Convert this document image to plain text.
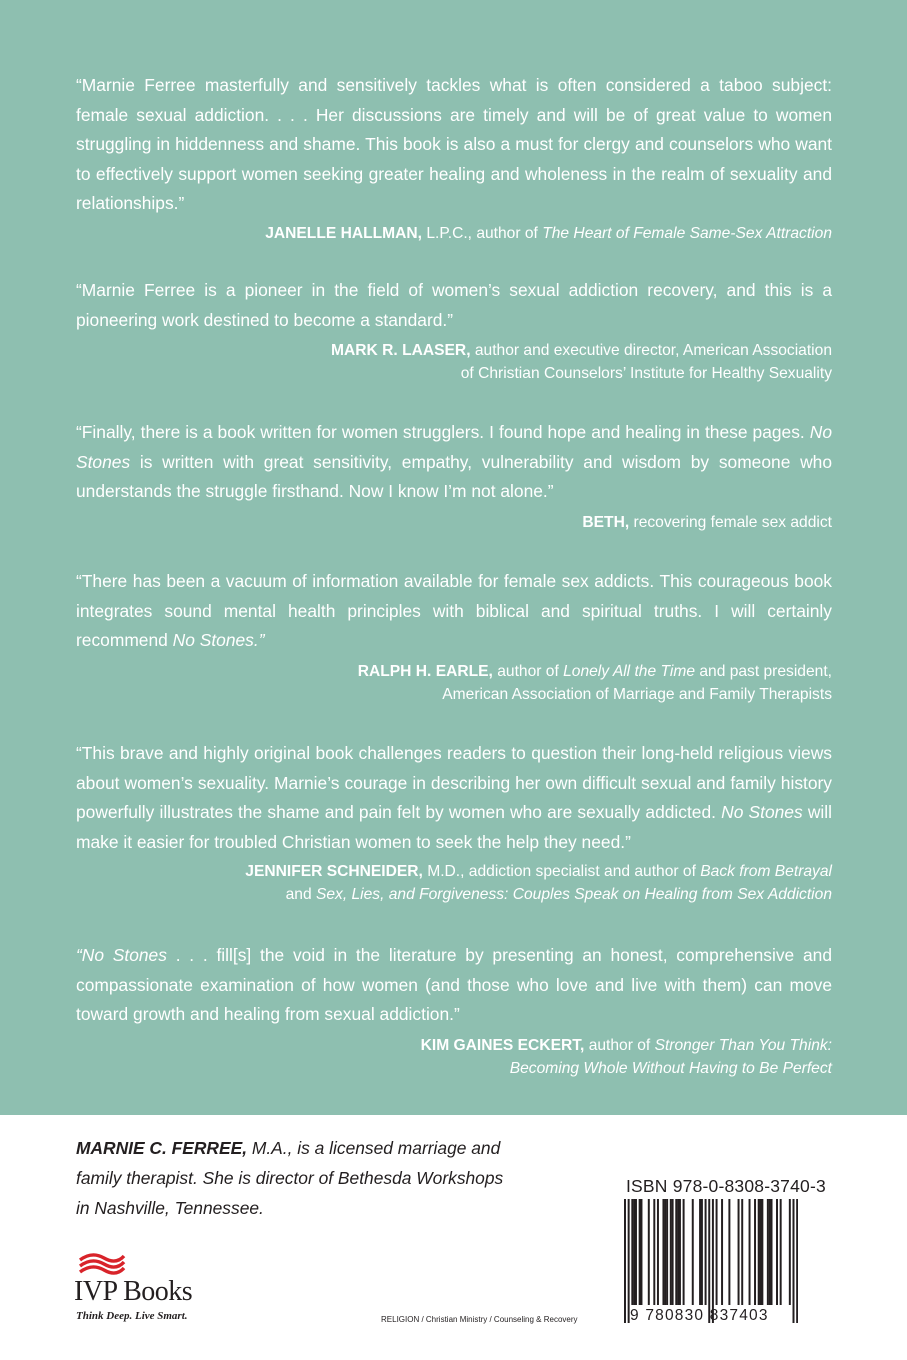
“Marnie Ferree masterfully and sensitively tackles what is often considered a taboo subject: female sexual addiction. . . . Her discussions are timely and will be of great value to women struggling in hiddenness and shame. This book is also a must for clergy and counselors who want to effectively support women seeking greater healing and wholeness in the realm of sexuality and relationships.”

JANELLE HALLMAN, L.P.C., author of The Heart of Female Same-Sex Attraction

“Marnie Ferree is a pioneer in the field of women’s sexual addiction recovery, and this is a pioneering work destined to become a standard.”

MARK R. LAASER, author and executive director, American Association
of Christian Counselors’ Institute for Healthy Sexuality

“Finally, there is a book written for women strugglers. I found hope and healing in these pages. No Stones is written with great sensitivity, empathy, vulnerability and wisdom by someone who understands the struggle firsthand. Now I know I’m not alone.”

BETH, recovering female sex addict

“There has been a vacuum of information available for female sex addicts. This courageous book integrates sound mental health principles with biblical and spiritual truths. I will certainly recommend No Stones.”

RALPH H. EARLE, author of Lonely All the Time and past president,
American Association of Marriage and Family Therapists

“This brave and highly original book challenges readers to question their long-held religious views about women’s sexuality. Marnie’s courage in describing her own difficult sexual and family history powerfully illustrates the shame and pain felt by women who are sexually addicted. No Stones will make it easier for troubled Christian women to seek the help they need.”

JENNIFER SCHNEIDER, M.D., addiction specialist and author of Back from Betrayal
and Sex, Lies, and Forgiveness: Couples Speak on Healing from Sex Addiction

“No Stones . . . fill[s] the void in the literature by presenting an honest, comprehensive and compassionate examination of how women (and those who love and live with them) can move toward growth and healing from sexual addiction.”

KIM GAINES ECKERT, author of Stronger Than You Think:
Becoming Whole Without Having to Be Perfect

MARNIE C. FERREE, M.A., is a licensed marriage and family therapist. She is director of Bethesda Workshops in Nashville, Tennessee.
IVP Books
Think Deep. Live Smart.	RELIGION / Christian Ministry / Counseling & Recovery
ISBN 978-0-8308-3740-3
9 780830 837403
